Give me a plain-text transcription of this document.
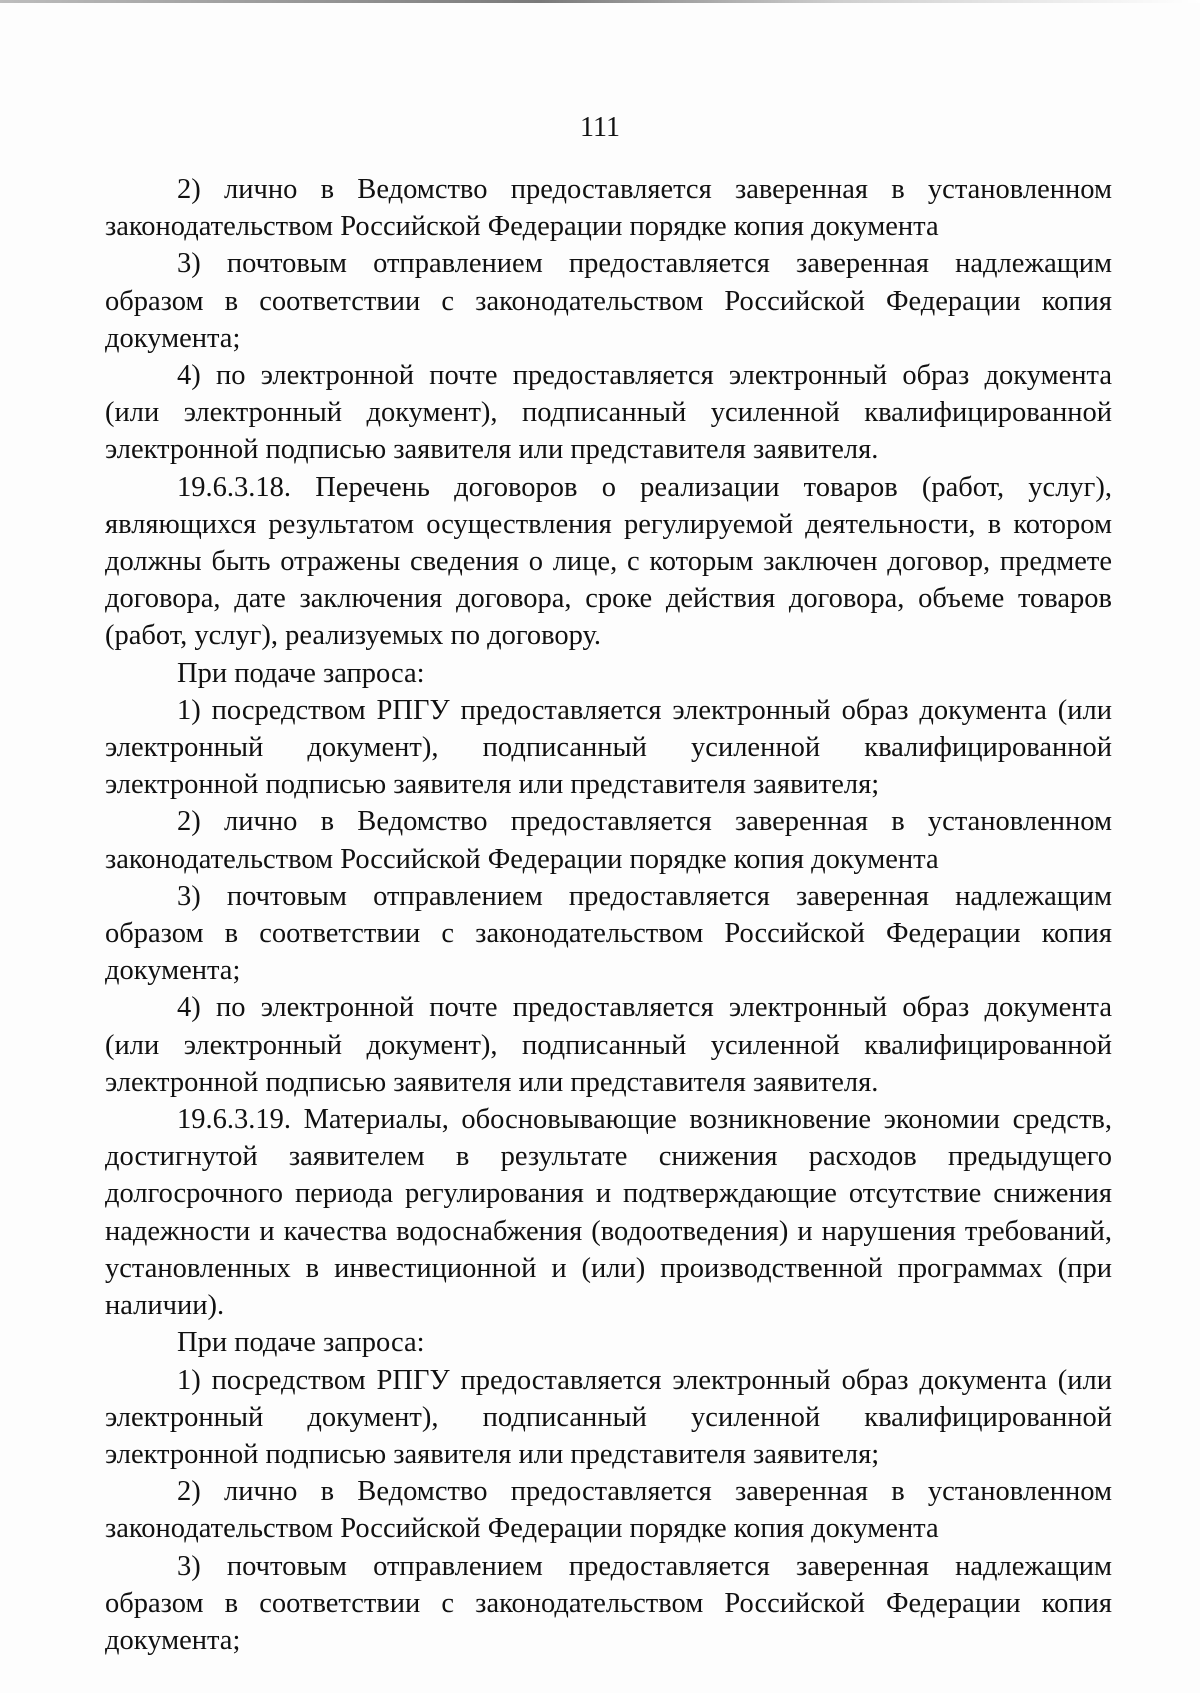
111

2) лично в Ведомство предоставляется заверенная в установленном законодательством Российской Федерации порядке копия документа

3) почтовым отправлением предоставляется заверенная надлежащим образом в соответствии с законодательством Российской Федерации копия документа;

4) по электронной почте предоставляется электронный образ документа (или электронный документ), подписанный усиленной квалифицированной электронной подписью заявителя или представителя заявителя.

19.6.3.18. Перечень договоров о реализации товаров (работ, услуг), являющихся результатом осуществления регулируемой деятельности, в котором должны быть отражены сведения о лице, с которым заключен договор, предмете договора, дате заключения договора, сроке действия договора, объеме товаров (работ, услуг), реализуемых по договору.

При подаче запроса:

1) посредством РПГУ предоставляется электронный образ документа (или электронный документ), подписанный усиленной квалифицированной электронной подписью заявителя или представителя заявителя;

2) лично в Ведомство предоставляется заверенная в установленном законодательством Российской Федерации порядке копия документа

3) почтовым отправлением предоставляется заверенная надлежащим образом в соответствии с законодательством Российской Федерации копия документа;

4) по электронной почте предоставляется электронный образ документа (или электронный документ), подписанный усиленной квалифицированной электронной подписью заявителя или представителя заявителя.

19.6.3.19. Материалы, обосновывающие возникновение экономии средств, достигнутой заявителем в результате снижения расходов предыдущего долгосрочного периода регулирования и подтверждающие отсутствие снижения надежности и качества водоснабжения (водоотведения) и нарушения требований, установленных в инвестиционной и (или) производственной программах (при наличии).

При подаче запроса:

1) посредством РПГУ предоставляется электронный образ документа (или электронный документ), подписанный усиленной квалифицированной электронной подписью заявителя или представителя заявителя;

2) лично в Ведомство предоставляется заверенная в установленном законодательством Российской Федерации порядке копия документа

3) почтовым отправлением предоставляется заверенная надлежащим образом в соответствии с законодательством Российской Федерации копия документа;
